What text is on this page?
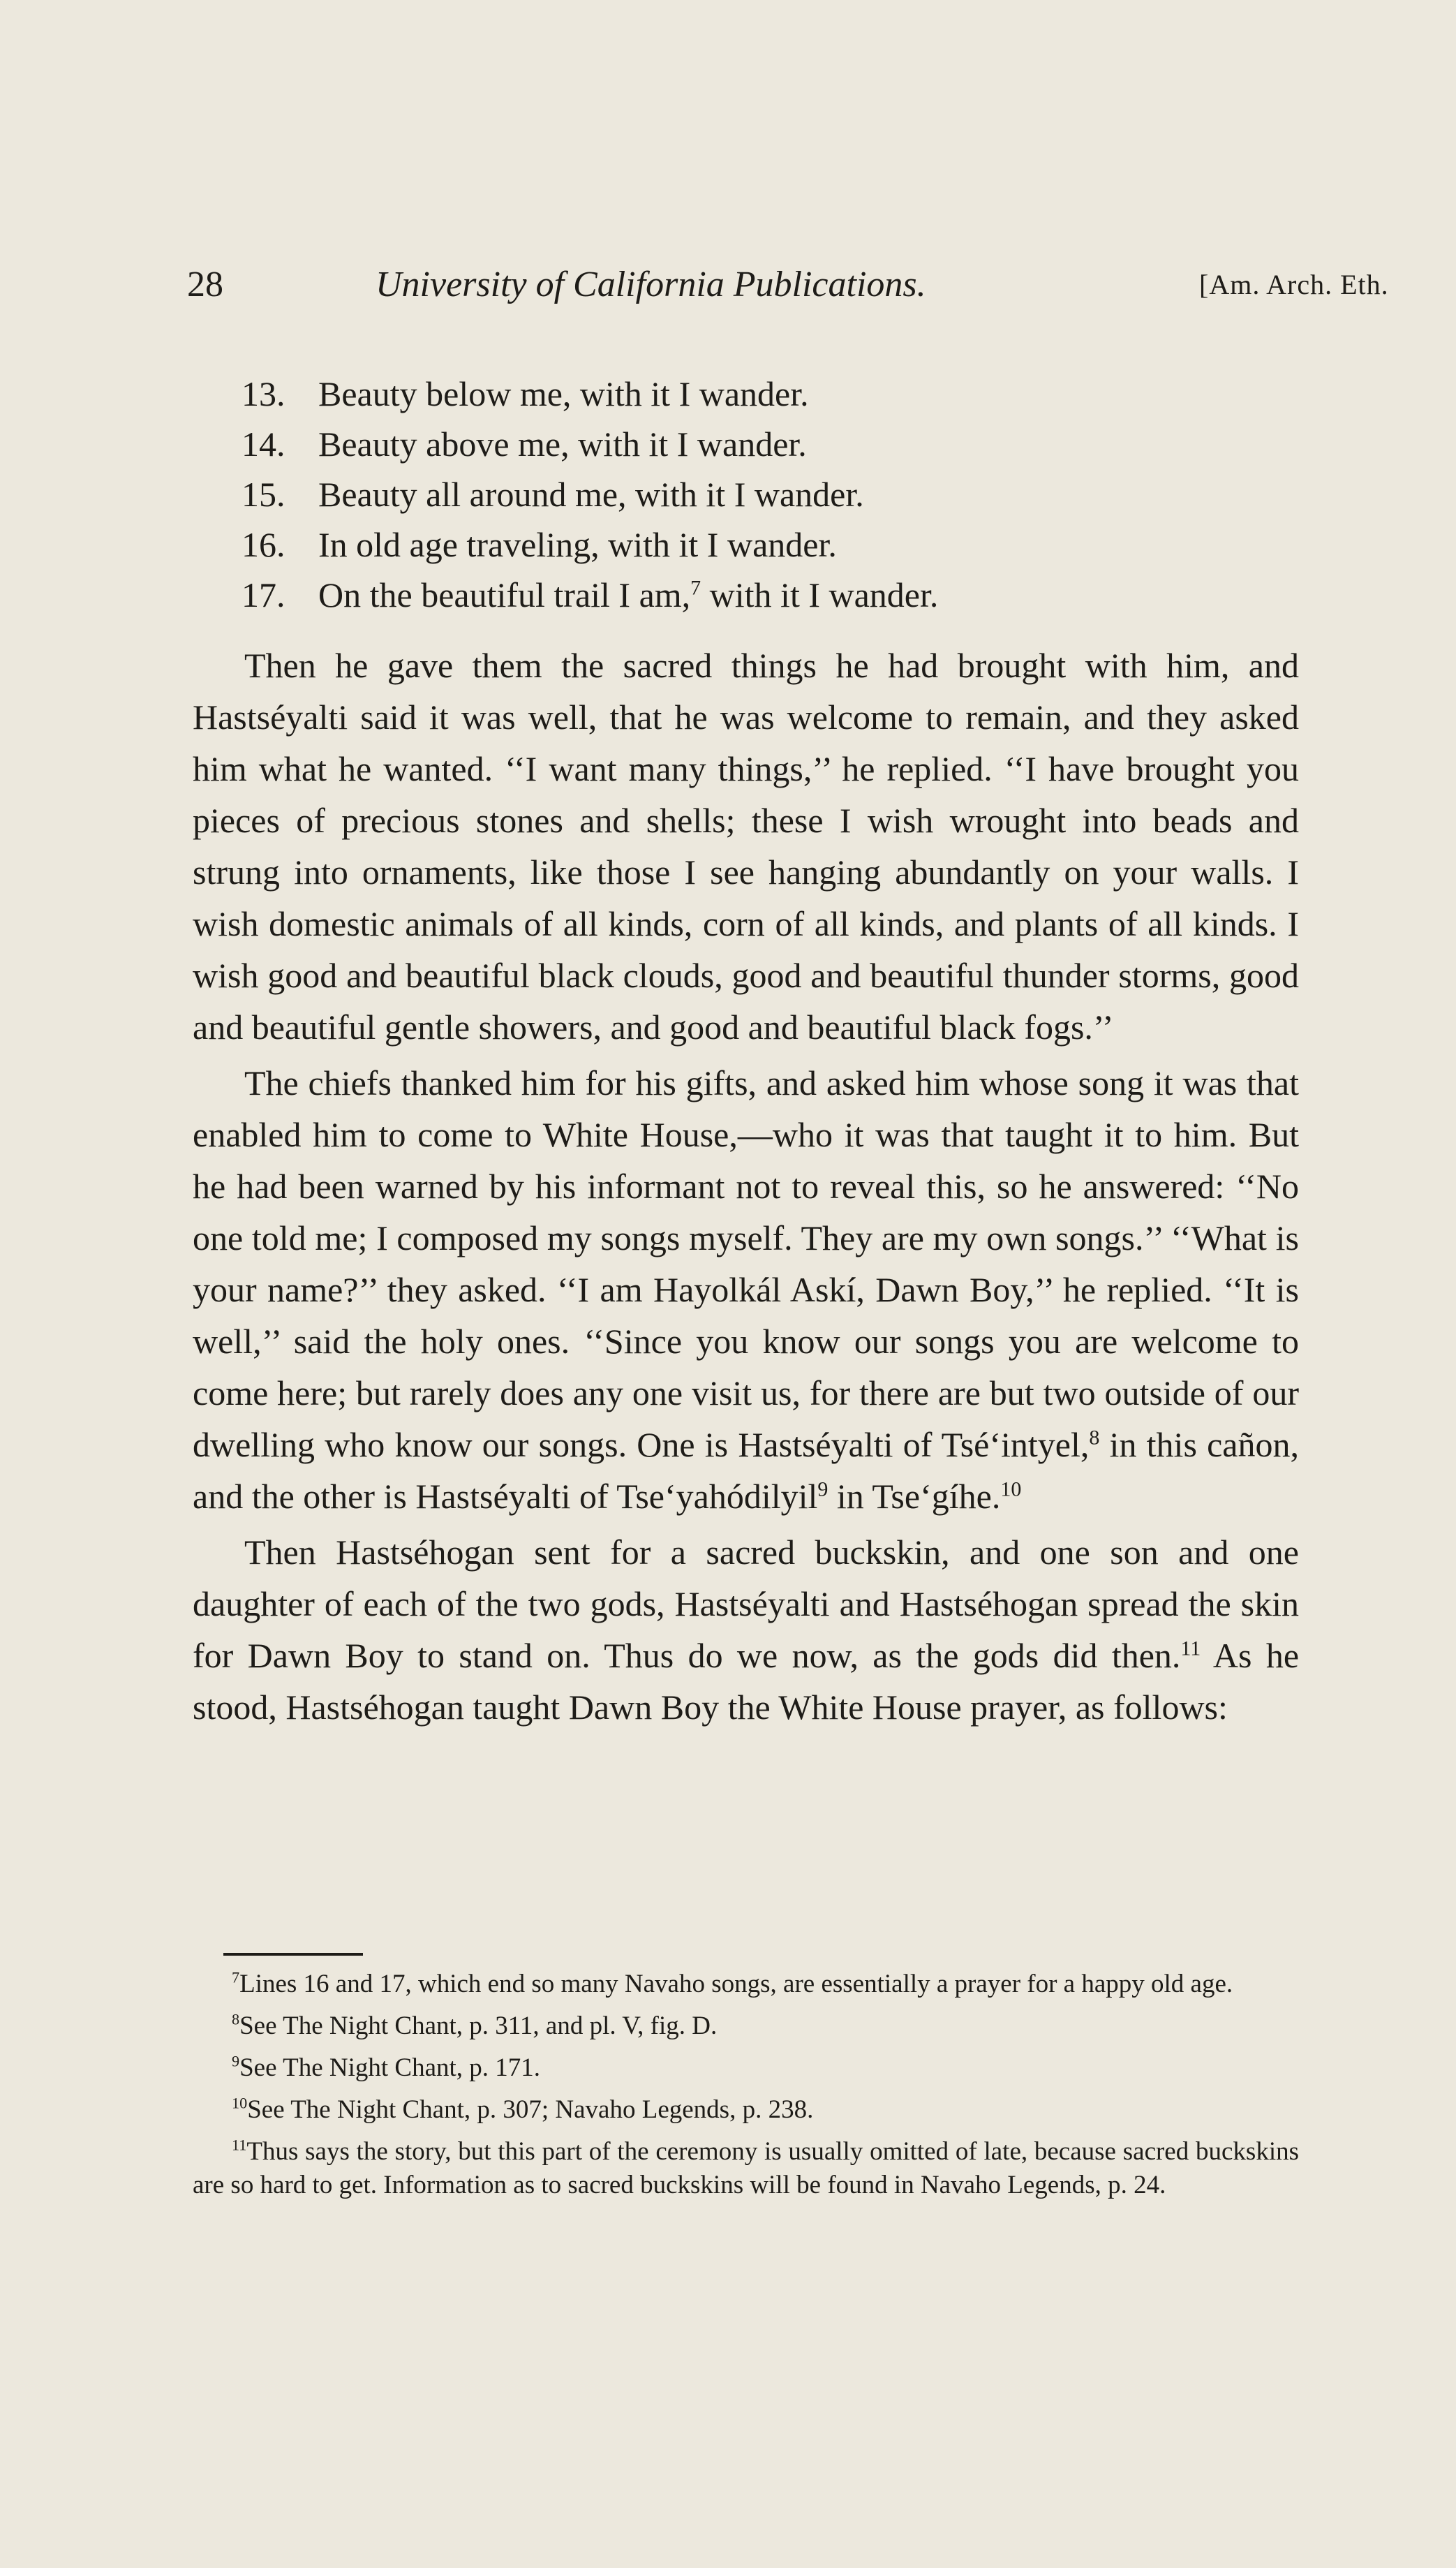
28	University of California Publications.	[Am. Arch. Eth.
13. Beauty below me, with it I wander.
14. Beauty above me, with it I wander.
15. Beauty all around me, with it I wander.
16. In old age traveling, with it I wander.
17. On the beautiful trail I am,$^7$ with it I wander.

Then he gave them the sacred things he had brought with him, and Hastséyalti said it was well, that he was welcome to remain, and they asked him what he wanted. ‘‘I want many things,’’ he replied. ‘‘I have brought you pieces of precious stones and shells; these I wish wrought into beads and strung into ornaments, like those I see hanging abundantly on your walls. I wish domestic animals of all kinds, corn of all kinds, and plants of all kinds. I wish good and beautiful black clouds, good and beautiful thunder storms, good and beautiful gentle showers, and good and beautiful black fogs.’’

The chiefs thanked him for his gifts, and asked him whose song it was that enabled him to come to White House,—who it was that taught it to him. But he had been warned by his informant not to reveal this, so he answered: ‘‘No one told me; I composed my songs myself. They are my own songs.’’ ‘‘What is your name?’’ they asked. ‘‘I am Hayolkál Askí, Dawn Boy,’’ he replied. ‘‘It is well,’’ said the holy ones. ‘‘Since you know our songs you are welcome to come here; but rarely does any one visit us, for there are but two outside of our dwelling who know our songs. One is Hastséyalti of Tsé‘intyel,$^8$ in this cañon, and the other is Hastséyalti of Tse‘yahódilyil$^9$ in Tse‘gíhe.$^{10}$

Then Hastséhogan sent for a sacred buckskin, and one son and one daughter of each of the two gods, Hastséyalti and Hastséhogan spread the skin for Dawn Boy to stand on. Thus do we now, as the gods did then.$^{11}$ As he stood, Hastséhogan taught Dawn Boy the White House prayer, as follows:

$^7$Lines 16 and 17, which end so many Navaho songs, are essentially a prayer for a happy old age.

$^8$See The Night Chant, p. 311, and pl. V, fig. D.

$^9$See The Night Chant, p. 171.

$^{10}$See The Night Chant, p. 307; Navaho Legends, p. 238.

$^{11}$Thus says the story, but this part of the ceremony is usually omitted of late, because sacred buckskins are so hard to get. Information as to sacred buckskins will be found in Navaho Legends, p. 24.
